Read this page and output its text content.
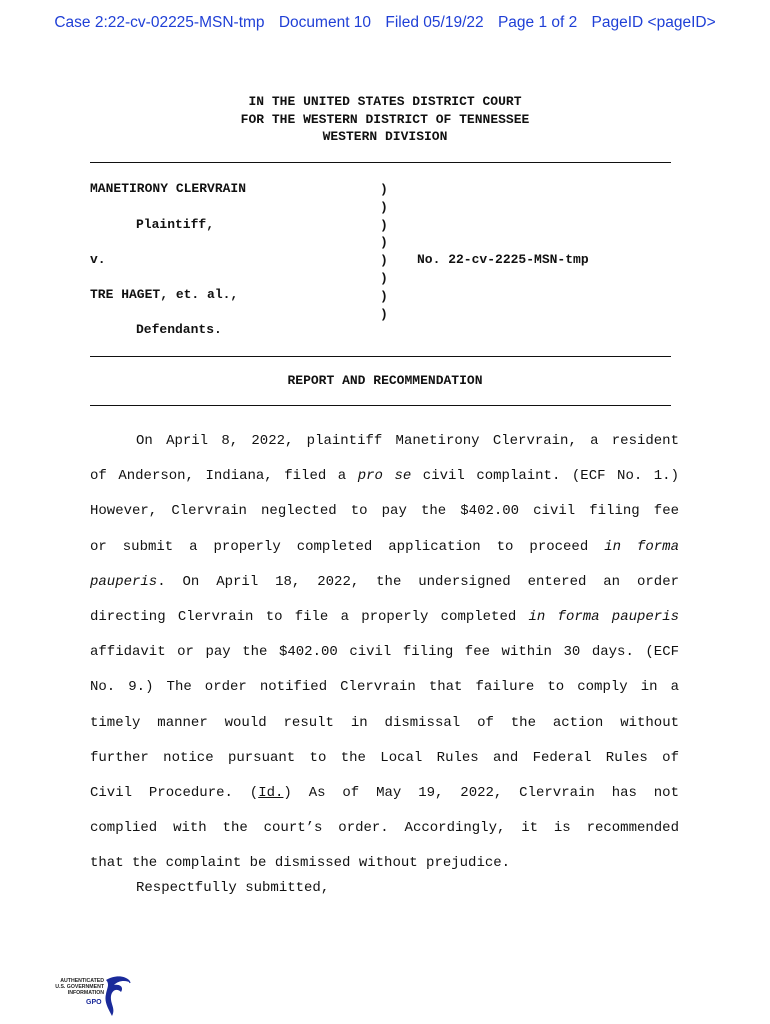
Case 2:22-cv-02225-MSN-tmp Document 10 Filed 05/19/22 Page 1 of 2 PageID <pageID>
IN THE UNITED STATES DISTRICT COURT
FOR THE WESTERN DISTRICT OF TENNESSEE
WESTERN DIVISION
MANETIRONY CLERVRAIN
Plaintiff,
v.
TRE HAGET, et. al.,
Defendants.
)
)
)
)
)
)
)
)
No. 22-cv-2225-MSN-tmp
REPORT AND RECOMMENDATION
On April 8, 2022, plaintiff Manetirony Clervrain, a resident
of Anderson, Indiana, filed a pro se civil complaint. (ECF No. 1.)
However, Clervrain neglected to pay the $402.00 civil filing fee
or submit a properly completed application to proceed in forma
pauperis. On April 18, 2022, the undersigned entered an order
directing Clervrain to file a properly completed in forma pauperis
affidavit or pay the $402.00 civil filing fee within 30 days. (ECF
No. 9.) The order notified Clervrain that failure to comply in a
timely manner would result in dismissal of the action without
further notice pursuant to the Local Rules and Federal Rules of
Civil Procedure. (Id.) As of May 19, 2022, Clervrain has not
complied with the court’s order. Accordingly, it is recommended
that the complaint be dismissed without prejudice.
Respectfully submitted,
AUTHENTICATED
U.S. GOVERNMENT
INFORMATION
GPO
